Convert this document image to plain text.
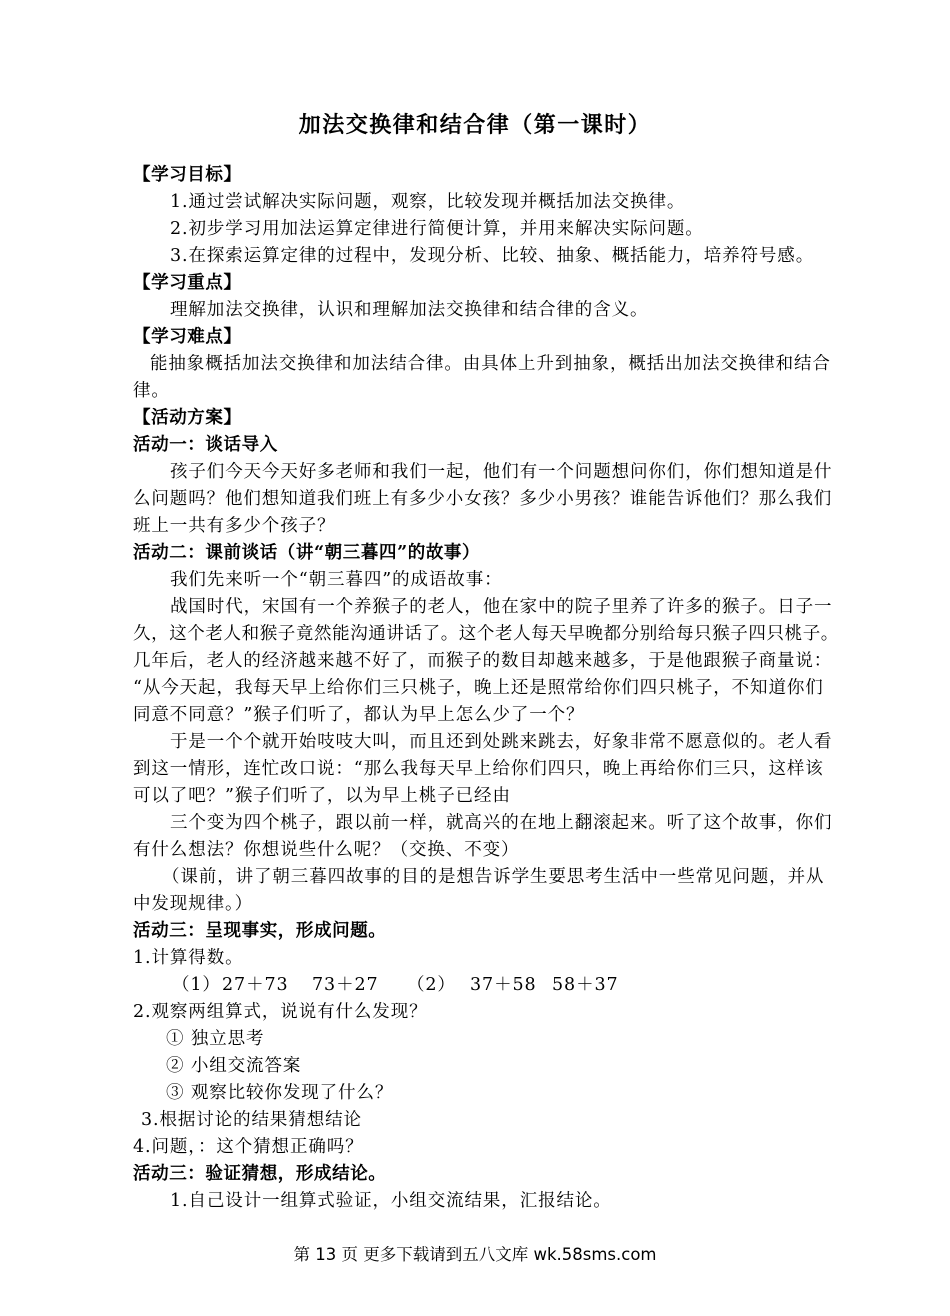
加法交换律和结合律（第一课时）
【学习目标】
1.通过尝试解决实际问题，观察，比较发现并概括加法交换律。
2.初步学习用加法运算定律进行简便计算，并用来解决实际问题。
3.在探索运算定律的过程中，发现分析、比较、抽象、概括能力，培养符号感。
【学习重点】
理解加法交换律，认识和理解加法交换律和结合律的含义。
【学习难点】
能抽象概括加法交换律和加法结合律。由具体上升到抽象，概括出加法交换律和结合
律。
【活动方案】
活动一：谈话导入
孩子们今天今天好多老师和我们一起，他们有一个问题想问你们，你们想知道是什
么问题吗？他们想知道我们班上有多少小女孩？多少小男孩？谁能告诉他们？那么我们
班上一共有多少个孩子？
活动二：课前谈话（讲“朝三暮四”的故事）
我们先来听一个“朝三暮四”的成语故事：
战国时代，宋国有一个养猴子的老人，他在家中的院子里养了许多的猴子。日子一
久，这个老人和猴子竟然能沟通讲话了。这个老人每天早晚都分别给每只猴子四只桃子。
几年后，老人的经济越来越不好了，而猴子的数目却越来越多，于是他跟猴子商量说：
“从今天起，我每天早上给你们三只桃子，晚上还是照常给你们四只桃子，不知道你们
同意不同意？”猴子们听了，都认为早上怎么少了一个？
于是一个个就开始吱吱大叫，而且还到处跳来跳去，好象非常不愿意似的。老人看
到这一情形，连忙改口说：“那么我每天早上给你们四只，晚上再给你们三只，这样该
可以了吧？”猴子们听了，以为早上桃子已经由
三个变为四个桃子，跟以前一样，就高兴的在地上翻滚起来。听了这个故事，你们
有什么想法？你想说些什么呢？（交换、不变）
（课前，讲了朝三暮四故事的目的是想告诉学生要思考生活中一些常见问题，并从
中发现规律。）
活动三：呈现事实，形成问题。
1.计算得数。
（1）27＋73 73＋27 （2） 37＋58 58＋37
2.观察两组算式，说说有什么发现？
① 独立思考
② 小组交流答案
③ 观察比较你发现了什么？
3.根据讨论的结果猜想结论
4.问题，：这个猜想正确吗？
活动三：验证猜想，形成结论。
1.自己设计一组算式验证，小组交流结果，汇报结论。
第 13 页 更多下载请到五八文库 wk.58sms.com
